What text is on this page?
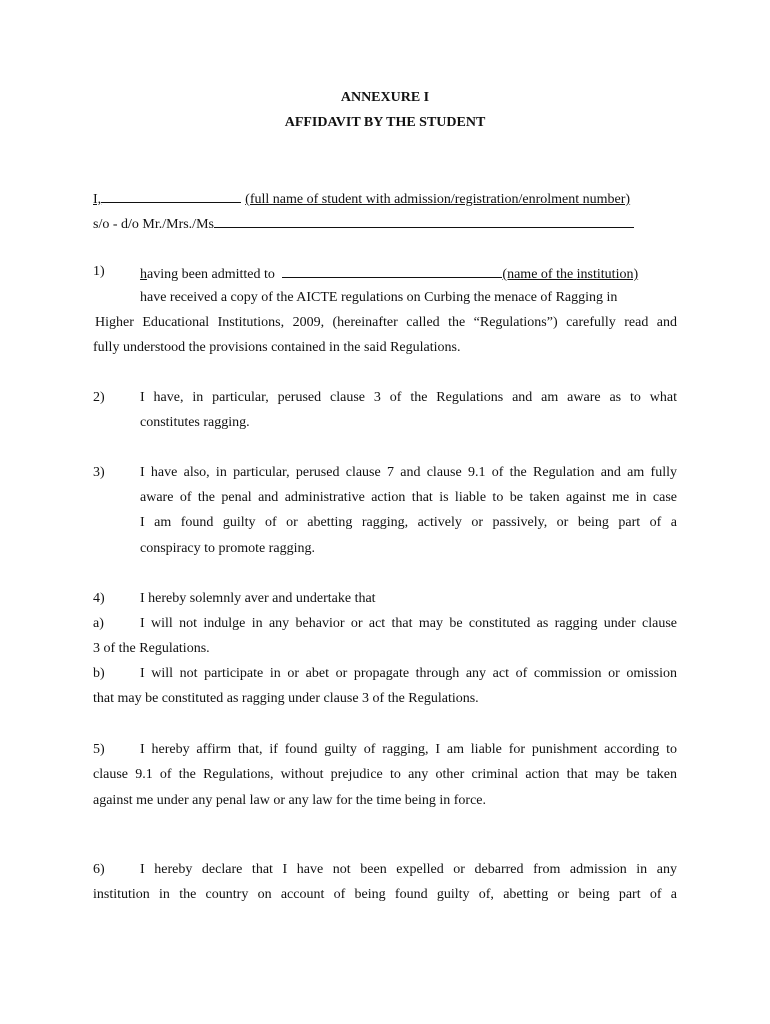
ANNEXURE I
AFFIDAVIT BY THE STUDENT
I,	(full name of student with admission/registration/enrolment number)
s/o - d/o Mr./Mrs./Ms
1)	having been admitted to	(name of the institution)
have received a copy of the AICTE regulations on Curbing the menace of Ragging in
Higher Educational Institutions, 2009, (hereinafter called the “Regulations”) carefully read and
fully understood the provisions contained in the said Regulations.
2)	I have, in particular, perused clause 3 of the Regulations and am aware as to what
constitutes ragging.
3)	I have also, in particular, perused clause 7 and clause 9.1 of the Regulation and am fully
aware of the penal and administrative action that is liable to be taken against me in case
I am found guilty of or abetting ragging, actively or passively, or being part of a
conspiracy to promote ragging.
4)	I hereby solemnly aver and undertake that
a)	I will not indulge in any behavior or act that may be constituted as ragging under clause
3 of the Regulations.
b)	I will not participate in or abet or propagate through any act of commission or omission
that may be constituted as ragging under clause 3 of the Regulations.
5)	I hereby affirm that, if found guilty of ragging, I am liable for punishment according to
clause 9.1 of the Regulations, without prejudice to any other criminal action that may be taken
against me under any penal law or any law for the time being in force.
6)	I hereby declare that I have not been expelled or debarred from admission in any
institution in the country on account of being found guilty of, abetting or being part of a
